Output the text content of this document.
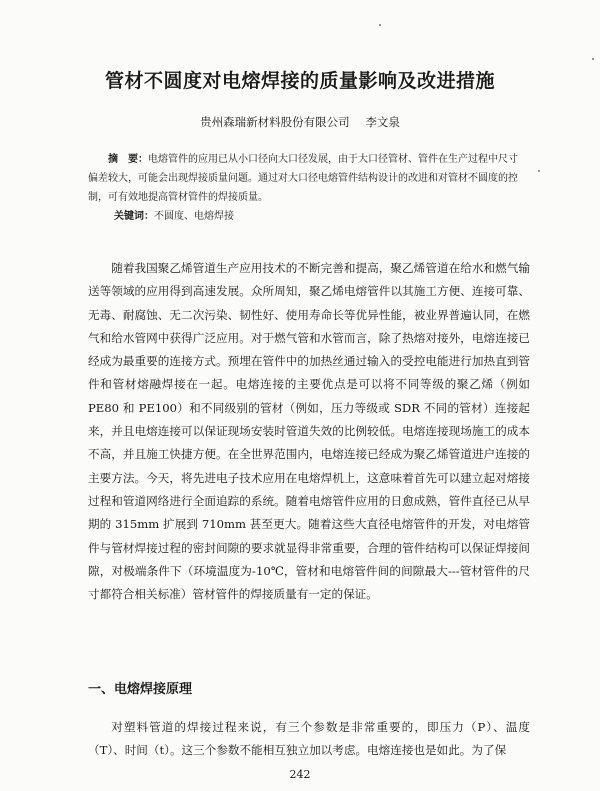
管材不圆度对电熔焊接的质量影响及改进措施
贵州森瑞新材料股份有限公司 李文泉

摘　要：电熔管件的应用已从小口径向大口径发展，由于大口径管材、管件在生产过程中尺寸偏差较大，可能会出现焊接质量问题。通过对大口径电熔管件结构设计的改进和对管材不圆度的控制，可有效地提高管材管件的焊接质量。

关键词：不圆度、电熔焊接

随着我国聚乙烯管道生产应用技术的不断完善和提高，聚乙烯管道在给水和燃气输送等领域的应用得到高速发展。众所周知，聚乙烯电熔管件以其施工方便、连接可靠、无毒、耐腐蚀、无二次污染、韧性好、使用寿命长等优异性能，被业界普遍认同，在燃气和给水管网中获得广泛应用。对于燃气管和水管而言，除了热熔对接外，电熔连接已经成为最重要的连接方式。预埋在管件中的加热丝通过输入的受控电能进行加热直到管件和管材熔融焊接在一起。电熔连接的主要优点是可以将不同等级的聚乙烯（例如 PE80 和 PE100）和不同级别的管材（例如，压力等级或 SDR 不同的管材）连接起来，并且电熔连接可以保证现场安装时管道失效的比例较低。电熔连接现场施工的成本不高，并且施工快捷方便。在全世界范围内，电熔连接已经成为聚乙烯管道进户连接的主要方法。今天，将先进电子技术应用在电熔焊机上，这意味着首先可以建立起对熔接过程和管道网络进行全面追踪的系统。随着电熔管件应用的日愈成熟，管件直径已从早期的 315mm 扩展到 710mm 甚至更大。随着这些大直径电熔管件的开发，对电熔管件与管材焊接过程的密封间隙的要求就显得非常重要，合理的管件结构可以保证焊接间隙，对极端条件下（环境温度为-10℃，管材和电熔管件间的间隙最大---管材管件的尺寸都符合相关标准）管材管件的焊接质量有一定的保证。

一、电熔焊接原理

对塑料管道的焊接过程来说，有三个参数是非常重要的，即压力（P）、温度（T）、时间（t）。这三个参数不能相互独立加以考虑。电熔连接也是如此。为了保

242
